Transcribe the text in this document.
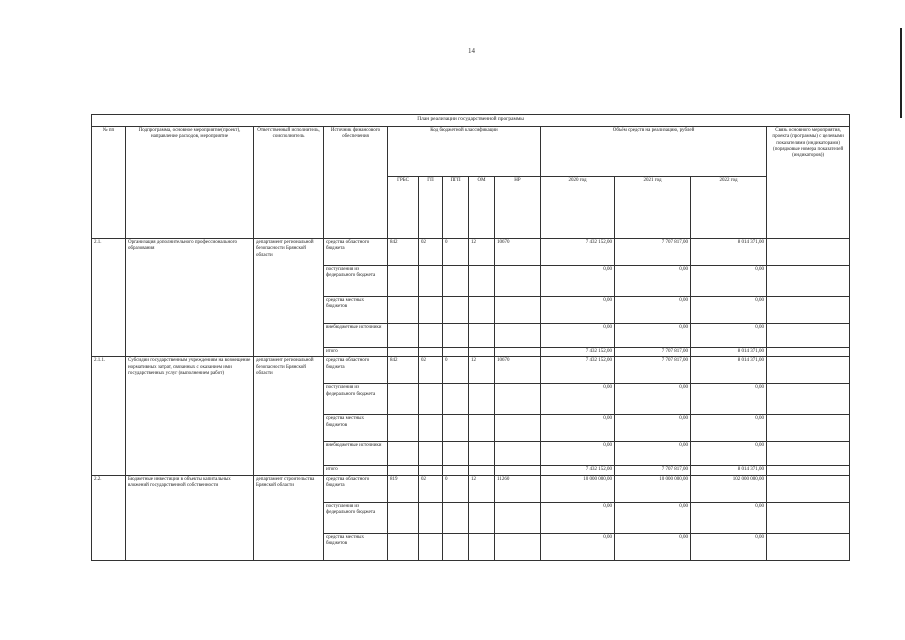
14
План реализации государственной программы												
№ пп	Подпрограмма, основное мероприятие(проект), направление расходов, мероприятие	Ответственный исполнитель, соисполнитель	Источник финансового обеспечения	Код бюджетной классификации					Объём средств на реализацию, рублей			Связь основного мероприятия, проекта (программы) с целевыми показателями (индикаторами) (порядковые номера показателей (индикаторов))
				ГРБС	ГП	ПГП	ОМ	НР	2020 год	2021 год	2022 год	
2.1.	Организация дополнительного профессионального образования	департамент региональной безопасности Брянской области	средства областного бюджета	842	02	0	12	10670	7 432 152,00	7 707 817,00	8 014 371,00	
			поступления из федерального бюджета						0,00	0,00	0,00	
			средства местных бюджетов						0,00	0,00	0,00	
			внебюджетные источники						0,00	0,00	0,00	
			итого						7 432 152,00	7 707 817,00	8 014 371,00	
2.1.1.	Субсидии государственным учреждениям на возмещение нормативных затрат, связанных с оказанием ими государственных услуг (выполнением работ)	департамент региональной безопасности Брянской области	средства областного бюджета	842	02	0	12	10670	7 432 152,00	7 707 817,00	8 014 371,00	
			поступления из федерального бюджета						0,00	0,00	0,00	
			средства местных бюджетов						0,00	0,00	0,00	
			внебюджетные источники						0,00	0,00	0,00	
			итого						7 432 152,00	7 707 817,00	8 014 371,00	
2.2.	Бюджетные инвестиции в объекты капитальных вложений государственной собственности	департамент строительства Брянской области	средства областного бюджета	819	02	0	12	11260	10 000 000,00	10 000 000,00	102 000 000,00	
			поступления из федерального бюджета						0,00	0,00	0,00	
			средства местных бюджетов						0,00	0,00	0,00	
